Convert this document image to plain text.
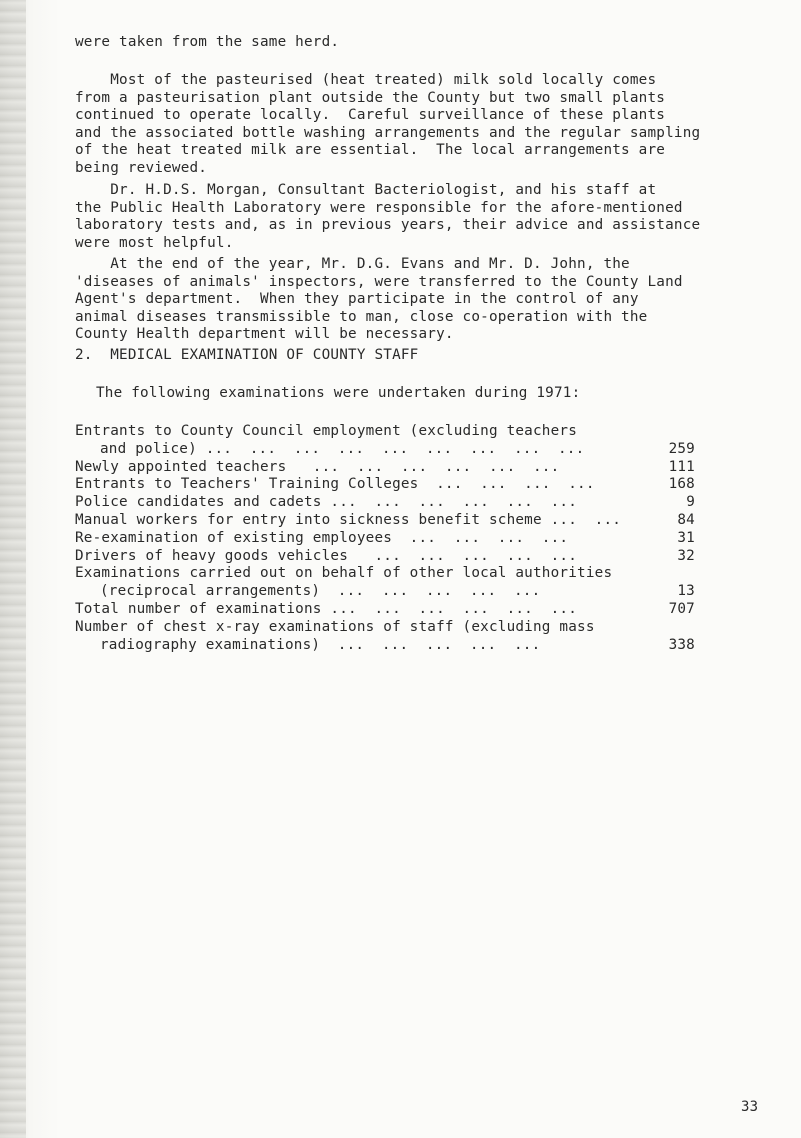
were taken from the same herd.
Most of the pasteurised (heat treated) milk sold locally comes
from a pasteurisation plant outside the County but two small plants
continued to operate locally.  Careful surveillance of these plants
and the associated bottle washing arrangements and the regular sampling
of the heat treated milk are essential.  The local arrangements are
being reviewed.
Dr. H.D.S. Morgan, Consultant Bacteriologist, and his staff at
the Public Health Laboratory were responsible for the afore-mentioned
laboratory tests and, as in previous years, their advice and assistance
were most helpful.
At the end of the year, Mr. D.G. Evans and Mr. D. John, the
'diseases of animals' inspectors, were transferred to the County Land
Agent's department.  When they participate in the control of any
animal diseases transmissible to man, close co-operation with the
County Health department will be necessary.
2.  MEDICAL EXAMINATION OF COUNTY STAFF
The following examinations were undertaken during 1971:
Entrants to County Council employment (excluding teachers
and police) ...  ...  ...  ...  ...  ...  ...  ...  ...	259
Newly appointed teachers   ...  ...  ...  ...  ...  ...	111
Entrants to Teachers' Training Colleges  ...  ...  ...  ...	168
Police candidates and cadets ...  ...  ...  ...  ...  ...	9
Manual workers for entry into sickness benefit scheme ...  ...	84
Re-examination of existing employees  ...  ...  ...  ...	31
Drivers of heavy goods vehicles   ...  ...  ...  ...  ...	32
Examinations carried out on behalf of other local authorities
(reciprocal arrangements)  ...  ...  ...  ...  ...	13
Total number of examinations ...  ...  ...  ...  ...  ...	707
Number of chest x-ray examinations of staff (excluding mass
radiography examinations)  ...  ...  ...  ...  ...	338
33
